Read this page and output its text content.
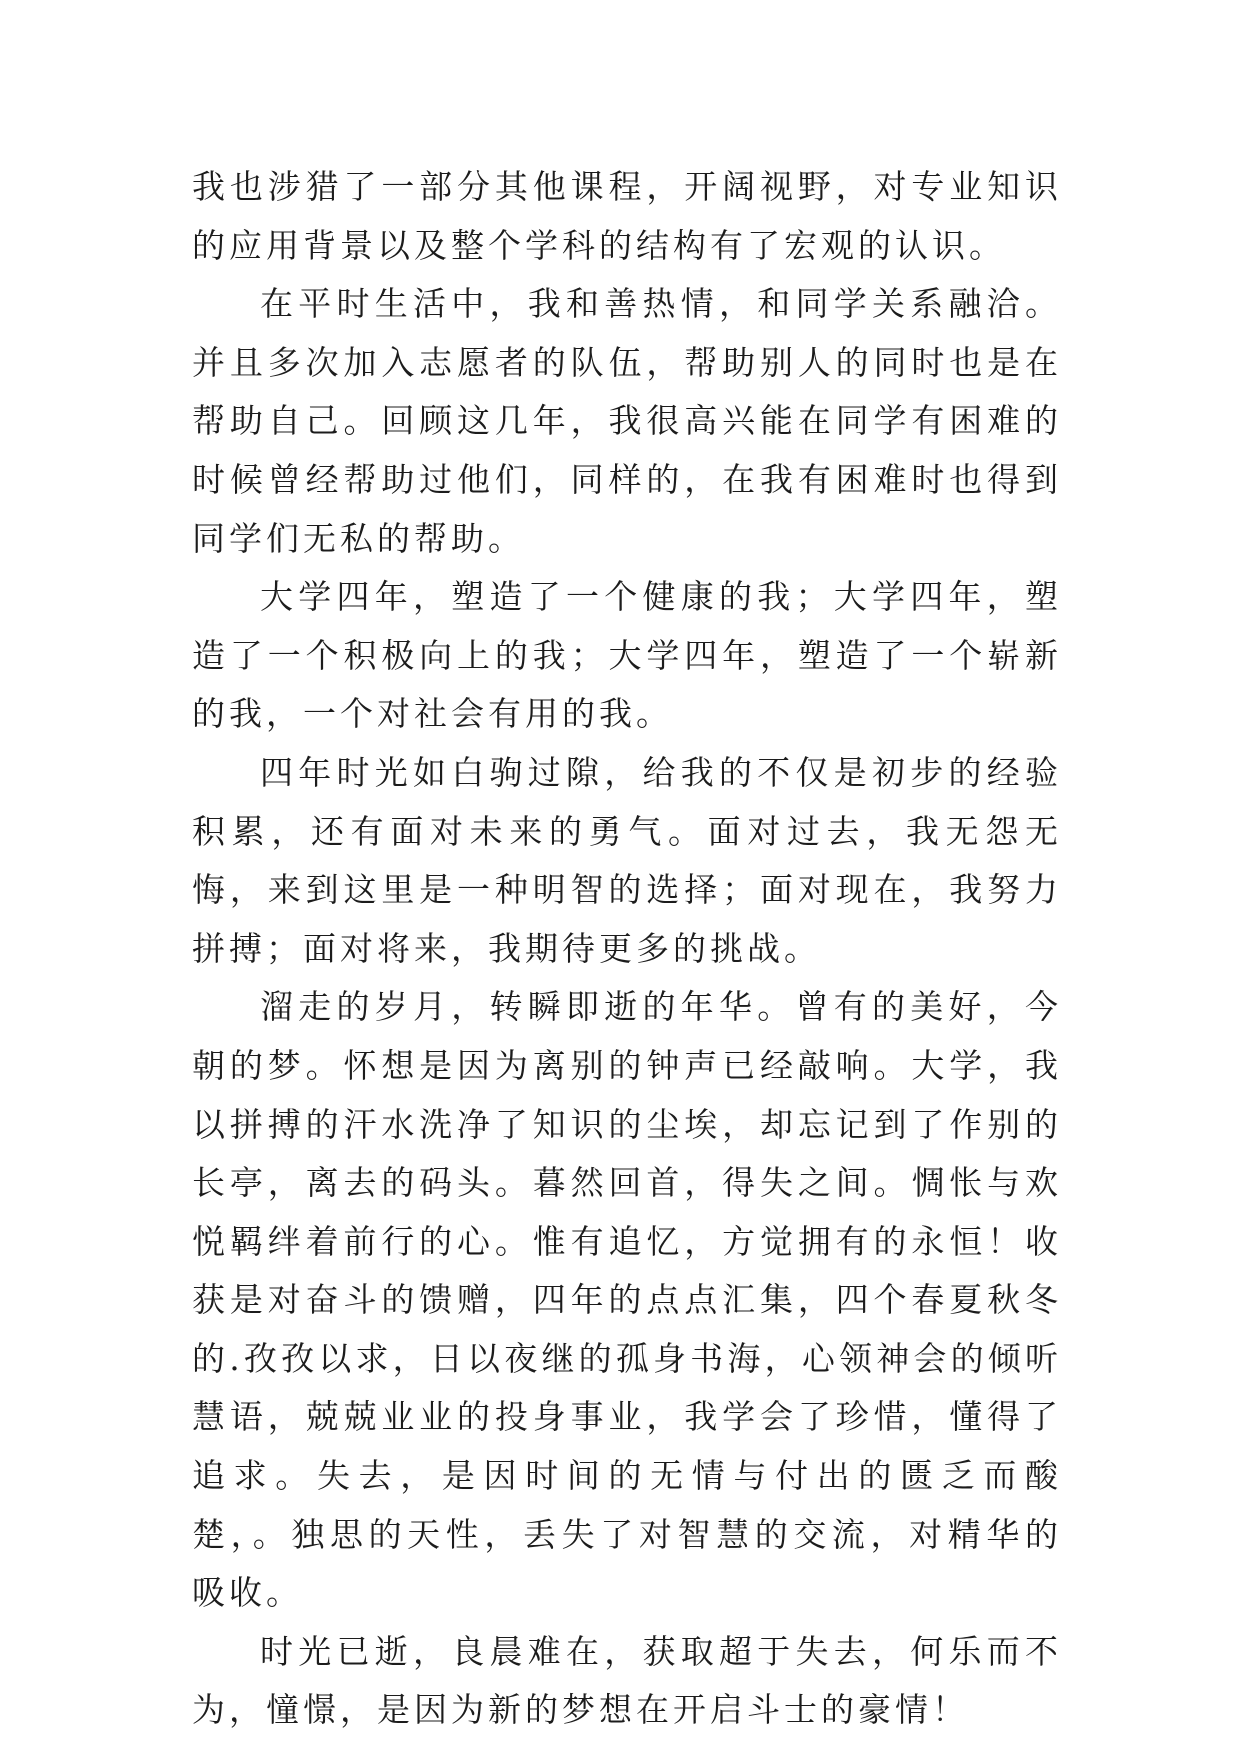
我也涉猎了一部分其他课程，开阔视野，对专业知识的应用背景以及整个学科的结构有了宏观的认识。

在平时生活中，我和善热情，和同学关系融洽。并且多次加入志愿者的队伍，帮助别人的同时也是在帮助自己。回顾这几年，我很高兴能在同学有困难的时候曾经帮助过他们，同样的，在我有困难时也得到同学们无私的帮助。

大学四年，塑造了一个健康的我；大学四年，塑造了一个积极向上的我；大学四年，塑造了一个崭新的我，一个对社会有用的我。

四年时光如白驹过隙，给我的不仅是初步的经验积累，还有面对未来的勇气。面对过去，我无怨无悔，来到这里是一种明智的选择；面对现在，我努力拼搏；面对将来，我期待更多的挑战。

溜走的岁月，转瞬即逝的年华。曾有的美好，今朝的梦。怀想是因为离别的钟声已经敲响。大学，我以拼搏的汗水洗净了知识的尘埃，却忘记到了作别的长亭，离去的码头。暮然回首，得失之间。惆怅与欢悦羁绊着前行的心。惟有追忆，方觉拥有的永恒！收获是对奋斗的馈赠，四年的点点汇集，四个春夏秋冬的.孜孜以求，日以夜继的孤身书海，心领神会的倾听慧语，兢兢业业的投身事业，我学会了珍惜，懂得了追求。失去，是因时间的无情与付出的匮乏而酸楚，。独思的天性，丢失了对智慧的交流，对精华的吸收。

时光已逝，良晨难在，获取超于失去，何乐而不为，憧憬，是因为新的梦想在开启斗士的豪情！
